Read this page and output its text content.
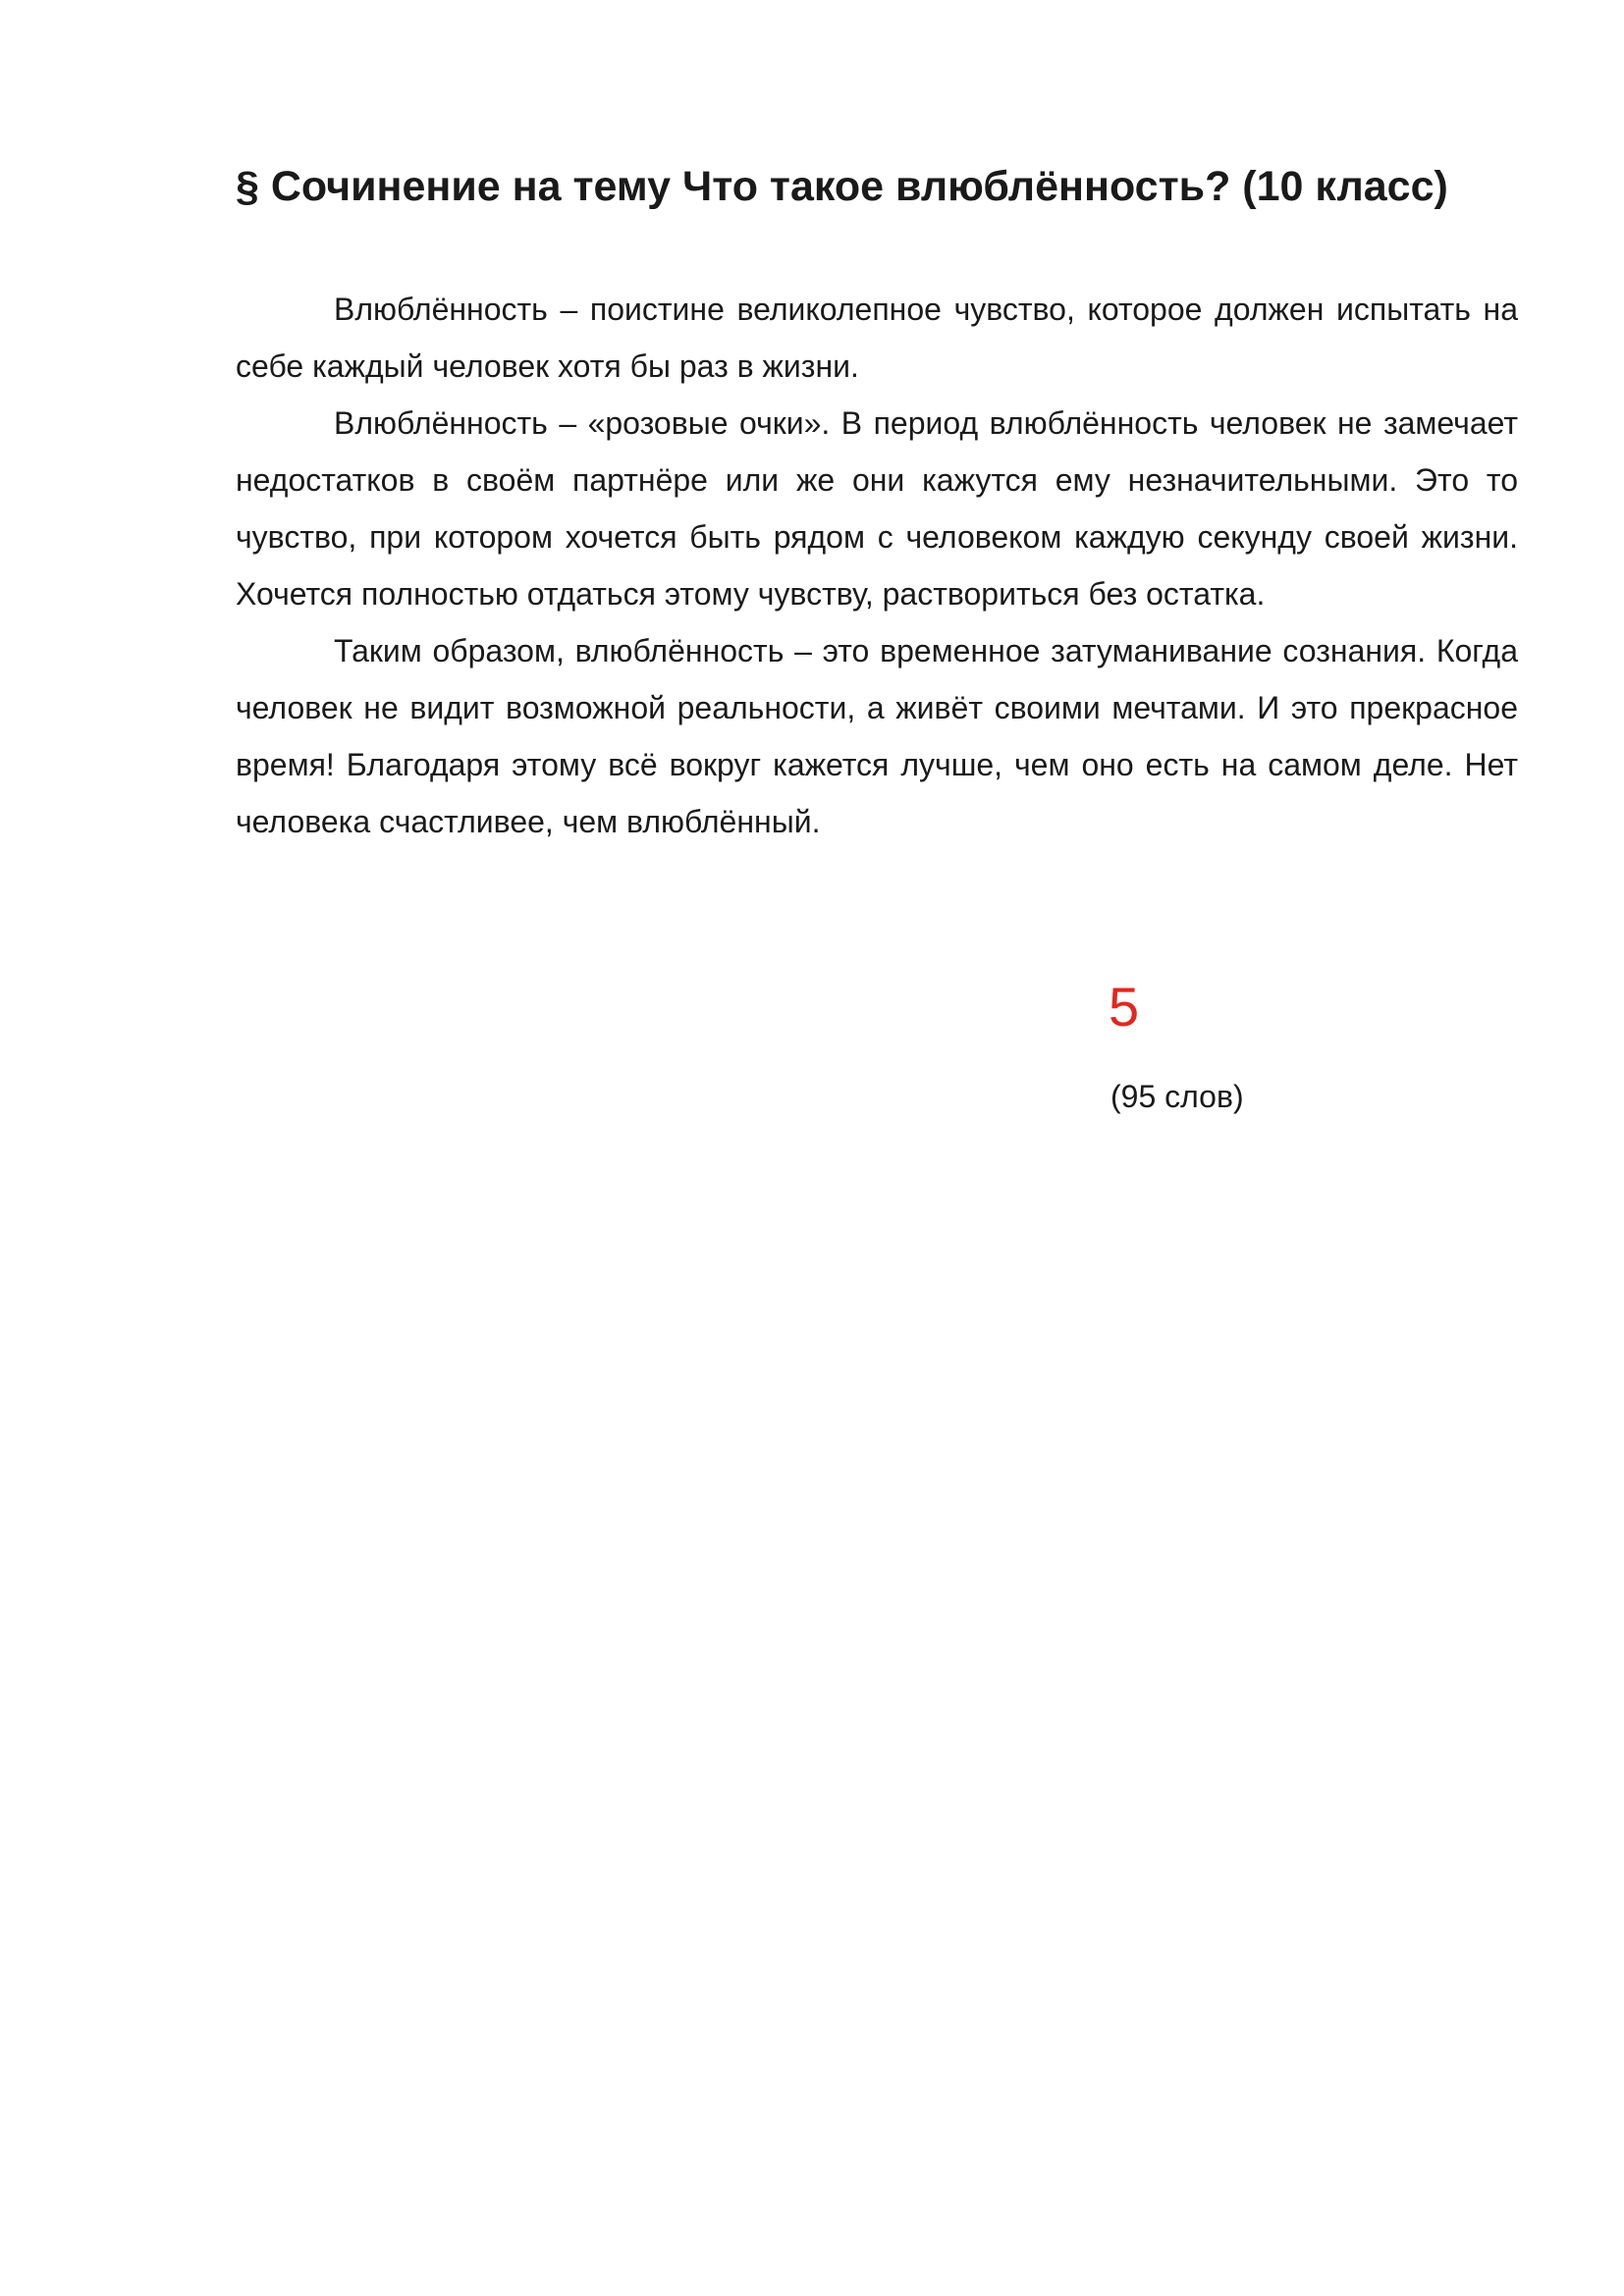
§ Сочинение на тему Что такое влюблённость? (10 класс)

Влюблённость – поистине великолепное чувство, которое должен испытать на себе каждый человек хотя бы раз в жизни.

Влюблённость – «розовые очки». В период влюблённость человек не замечает недостатков в своём партнёре или же они кажутся ему незначительными. Это то чувство, при котором хочется быть рядом с человеком каждую секунду своей жизни. Хочется полностью отдаться этому чувству, раствориться без остатка.

Таким образом, влюблённость – это временное затуманивание сознания. Когда человек не видит возможной реальности, а живёт своими мечтами. И это прекрасное время! Благодаря этому всё вокруг кажется лучше, чем оно есть на самом деле. Нет человека счастливее, чем влюблённый.

5
(95 слов)
